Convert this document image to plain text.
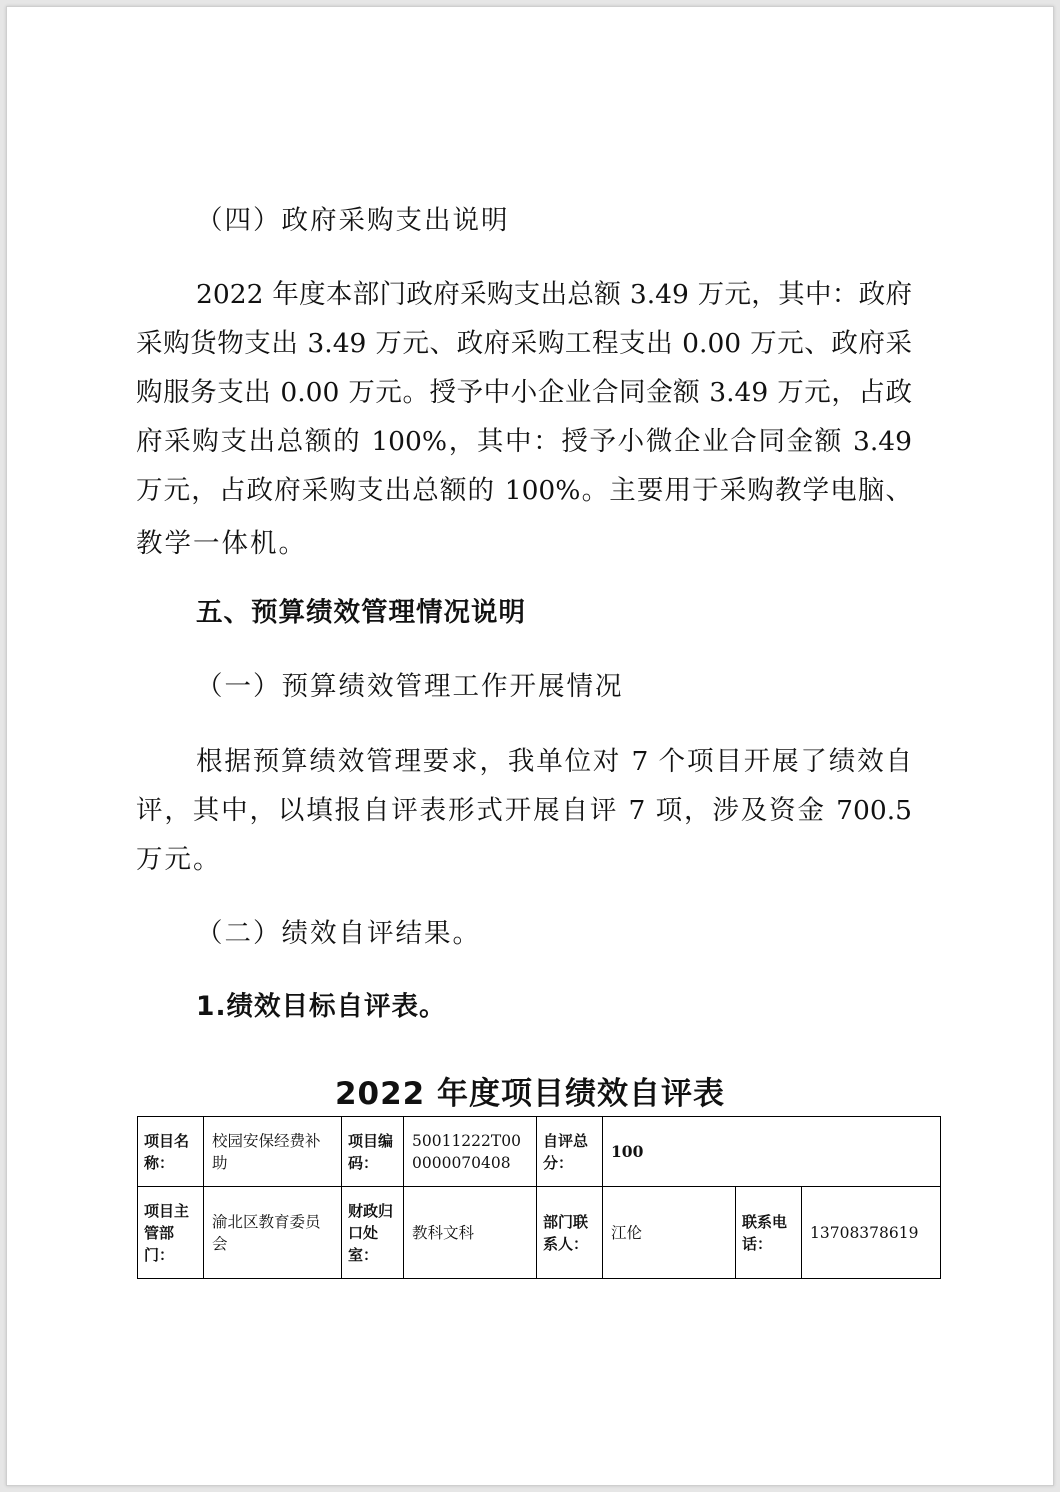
（四）政府采购支出说明
2022 年度本部门政府采购支出总额 3.49 万元，其中：政府
采购货物支出 3.49 万元、政府采购工程支出 0.00 万元、政府采
购服务支出 0.00 万元。授予中小企业合同金额 3.49 万元，占政
府采购支出总额的 100%，其中：授予小微企业合同金额 3.49
万元，占政府采购支出总额的 100%。主要用于采购教学电脑、
教学一体机。
五、预算绩效管理情况说明
（一）预算绩效管理工作开展情况
根据预算绩效管理要求，我单位对 7 个项目开展了绩效自
评，其中，以填报自评表形式开展自评 7 项，涉及资金 700.5
万元。
（二）绩效自评结果。
1.绩效目标自评表。
2022 年度项目绩效自评表
项目名称：	校园安保经费补助	项目编码：	50011222T000000070408	自评总分：	100		
项目主管部门：	渝北区教育委员会	财政归口处室：	教科文科	部门联系人：	江伦	联系电话：	13708378619
